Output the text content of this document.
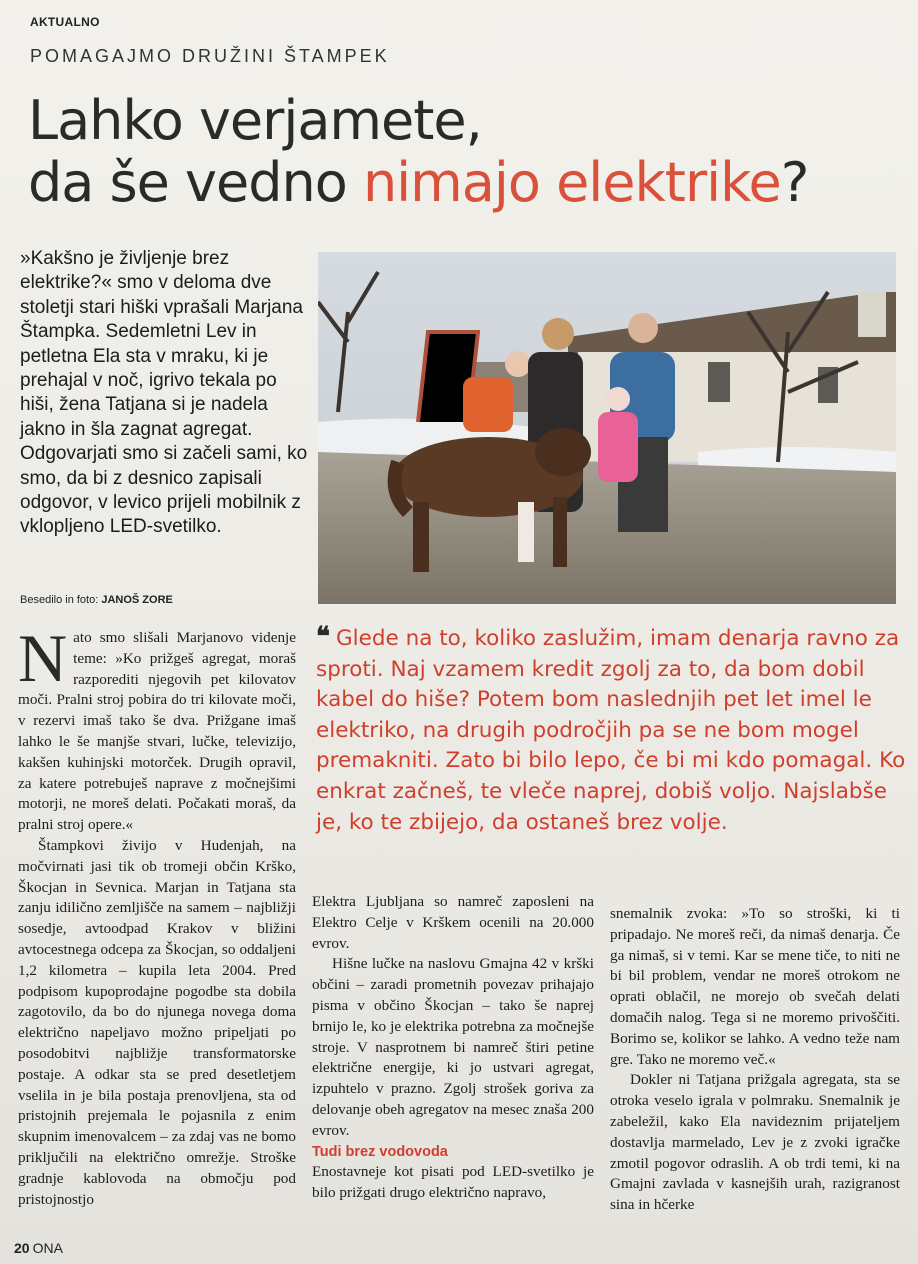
AKTUALNO
POMAGAJMO DRUŽINI ŠTAMPEK
Lahko verjamete,
da še vedno nimajo elektrike?
»Kakšno je življenje brez elektrike?« smo v deloma dve stoletji stari hiški vprašali Marjana Štampka. Sedemletni Lev in petletna Ela sta v mraku, ki je prehajal v noč, igrivo tekala po hiši, žena Tatjana si je nadela jakno in šla zagnat agregat. Odgovarjati smo si začeli sami, ko smo, da bi z desnico zapisali odgovor, v levico prijeli mobilnik z vklopljeno LED-svetilko.
Besedilo in foto: JANOŠ ZORE
❝ Glede na to, koliko zaslužim, imam denarja ravno za sproti. Naj vzamem kredit zgolj za to, da bom dobil kabel do hiše? Potem bom naslednjih pet let imel le elektriko, na drugih področjih pa se ne bom mogel premakniti. Zato bi bilo lepo, če bi mi kdo pomagal. Ko enkrat začneš, te vleče naprej, dobiš voljo. Najslabše je, ko te zbijejo, da ostaneš brez volje.

Nato smo slišali Marjanovo videnje teme: »Ko prižgeš agregat, moraš razporediti njegovih pet kilovatov moči. Pralni stroj pobira do tri kilovate moči, v rezervi imaš tako še dva. Prižgane imaš lahko le še manjše stvari, lučke, televizijo, kakšen kuhinjski motorček. Drugih opravil, za katere potrebuješ naprave z močnejšimi motorji, ne moreš delati. Počakati moraš, da pralni stroj opere.«

Štampkovi živijo v Hudenjah, na močvirnati jasi tik ob tromeji občin Krško, Škocjan in Sevnica. Marjan in Tatjana sta zanju idilično zemljišče na samem – najbližji sosedje, avtoodpad Krakov v bližini avtocestnega odcepa za Škocjan, so oddaljeni 1,2 kilometra – kupila leta 2004. Pred podpisom kupoprodajne pogodbe sta dobila zagotovilo, da bo do njunega novega doma električno napeljavo možno pripeljati po posodobitvi najbližje transformatorske postaje. A odkar sta se pred desetletjem vselila in je bila postaja prenovljena, sta od pristojnih prejemala le pojasnila z enim skupnim imenovalcem – za zdaj vas ne bomo priključili na električno omrežje. Stroške gradnje kablovoda na območju pod pristojnostjo

Elektra Ljubljana so namreč zaposleni na Elektro Celje v Krškem ocenili na 20.000 evrov.

Hišne lučke na naslovu Gmajna 42 v krški občini – zaradi prometnih povezav prihajajo pisma v občino Škocjan – tako še naprej brnijo le, ko je elektrika potrebna za močnejše stroje. V nasprotnem bi namreč štiri petine električne energije, ki jo ustvari agregat, izpuhtelo v prazno. Zgolj strošek goriva za delovanje obeh agregatov na mesec znaša 200 evrov.

Tudi brez vodovoda

Enostavneje kot pisati pod LED-svetilko je bilo prižgati drugo električno napravo,

snemalnik zvoka: »To so stroški, ki ti pripadajo. Ne moreš reči, da nimaš denarja. Če ga nimaš, si v temi. Kar se mene tiče, to niti ne bi bil problem, vendar ne moreš otrokom ne oprati oblačil, ne morejo ob svečah delati domačih nalog. Tega si ne moremo privoščiti. Borimo se, kolikor se lahko. A vedno teže nam gre. Tako ne moremo več.«

Dokler ni Tatjana prižgala agregata, sta se otroka veselo igrala v polmraku. Snemalnik je zabeležil, kako Ela navideznim prijateljem dostavlja marmelado, Lev je z zvoki igračke zmotil pogovor odraslih. A ob trdi temi, ki na Gmajni zavlada v kasnejših urah, razigranost sina in hčerke

20 ONA
